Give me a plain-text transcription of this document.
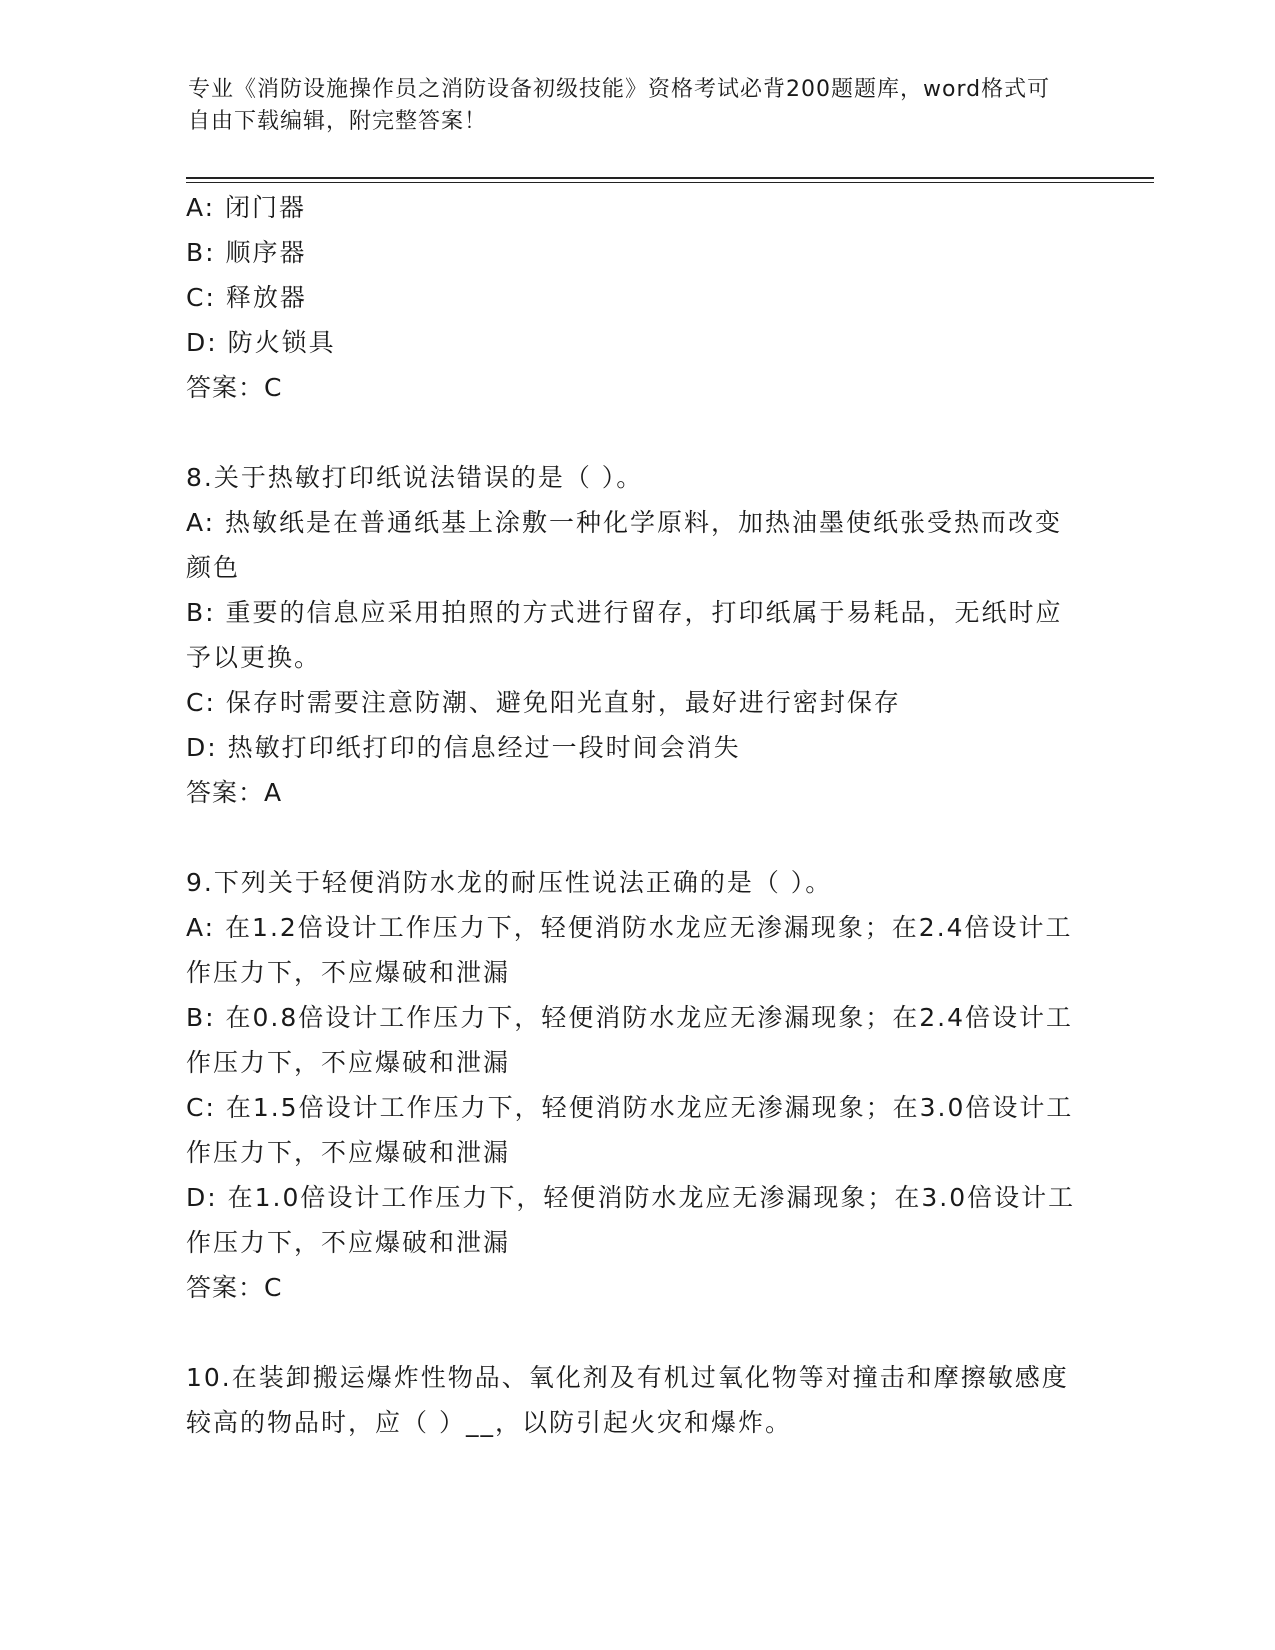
专业《消防设施操作员之消防设备初级技能》资格考试必背200题题库，word格式可自由下载编辑，附完整答案！
A: 闭门器
B: 顺序器
C: 释放器
D: 防火锁具
答案：C
8.关于热敏打印纸说法错误的是（ ）。
A: 热敏纸是在普通纸基上涂敷一种化学原料，加热油墨使纸张受热而改变颜色
B: 重要的信息应采用拍照的方式进行留存，打印纸属于易耗品，无纸时应予以更换。
C: 保存时需要注意防潮、避免阳光直射，最好进行密封保存
D: 热敏打印纸打印的信息经过一段时间会消失
答案：A
9.下列关于轻便消防水龙的耐压性说法正确的是（ ）。
A: 在1.2倍设计工作压力下，轻便消防水龙应无渗漏现象；在2.4倍设计工作压力下，不应爆破和泄漏
B: 在0.8倍设计工作压力下，轻便消防水龙应无渗漏现象；在2.4倍设计工作压力下，不应爆破和泄漏
C: 在1.5倍设计工作压力下，轻便消防水龙应无渗漏现象；在3.0倍设计工作压力下，不应爆破和泄漏
D: 在1.0倍设计工作压力下，轻便消防水龙应无渗漏现象；在3.0倍设计工作压力下，不应爆破和泄漏
答案：C
10.在装卸搬运爆炸性物品、氧化剂及有机过氧化物等对撞击和摩擦敏感度较高的物品时，应（ ）__，以防引起火灾和爆炸。
